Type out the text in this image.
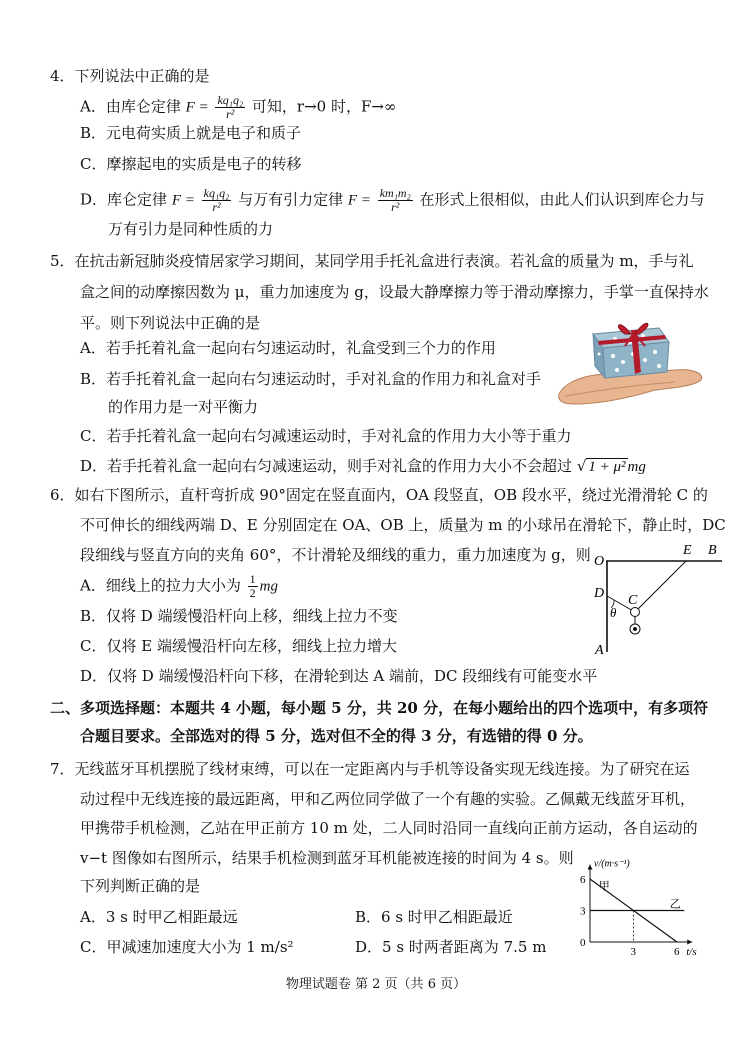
4．下列说法中正确的是
A．由库仑定律 $F = \frac{\text{kq₁q₂}}{\text{r²}}$ 可知，r→0 时，F→∞
B．元电荷实质上就是电子和质子
C．摩擦起电的实质是电子的转移
D．库仑定律 $F = \frac{\text{kq₁q₂}}{\text{r²}}$ 与万有引力定律 $F = \frac{\text{km₁m₂}}{\text{r²}}$ 在形式上很相似，由此人们认识到库仑力与
万有引力是同种性质的力
5．在抗击新冠肺炎疫情居家学习期间，某同学用手托礼盒进行表演。若礼盒的质量为 m，手与礼
盒之间的动摩擦因数为 μ，重力加速度为 g，设最大静摩擦力等于滑动摩擦力，手掌一直保持水
平。则下列说法中正确的是
A．若手托着礼盒一起向右匀速运动时，礼盒受到三个力的作用
B．若手托着礼盒一起向右匀速运动时，手对礼盒的作用力和礼盒对手
的作用力是一对平衡力
C．若手托着礼盒一起向右匀减速运动时，手对礼盒的作用力大小等于重力
D．若手托着礼盒一起向右匀减速运动，则手对礼盒的作用力大小不会超过 √ 1 + μ² mg
6．如右下图所示，直杆弯折成 90°固定在竖直面内，OA 段竖直，OB 段水平，绕过光滑滑轮 C 的
不可伸长的细线两端 D、E 分别固定在 OA、OB 上，质量为 m 的小球吊在滑轮下，静止时，DC
段细线与竖直方向的夹角 60°，不计滑轮及细线的重力，重力加速度为 g，则
A．细线上的拉力大小为 $\frac{1}{2}$ mg
B．仅将 D 端缓慢沿杆向上移，细线上拉力不变
C．仅将 E 端缓慢沿杆向左移，细线上拉力增大
D．仅将 D 端缓慢沿杆向下移，在滑轮到达 A 端前，DC 段细线有可能变水平
O
E B
D C
θ
A
二、多项选择题：本题共 4 小题，每小题 5 分，共 20 分，在每小题给出的四个选项中，有多项符
合题目要求。全部选对的得 5 分，选对但不全的得 3 分，有选错的得 0 分。
7．无线蓝牙耳机摆脱了线材束缚，可以在一定距离内与手机等设备实现无线连接。为了研究在运
动过程中无线连接的最远距离，甲和乙两位同学做了一个有趣的实验。乙佩戴无线蓝牙耳机，
甲携带手机检测，乙站在甲正前方 10 m 处，二人同时沿同一直线向正前方运动，各自运动的
v−t 图像如右图所示，结果手机检测到蓝牙耳机能被连接的时间为 4 s。则
下列判断正确的是
A．3 s 时甲乙相距最远	B．6 s 时甲乙相距最近
C．甲减速加速度大小为 1 m/s²	D．5 s 时两者距离为 7.5 m
v/(m·s⁻¹)
t/s
0
3
6
3	6
甲
乙
物理试题卷 第 2 页（共 6 页）
